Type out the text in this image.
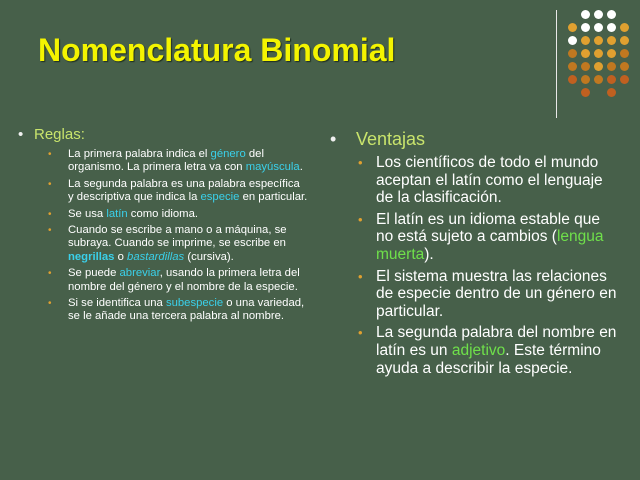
Nomenclatura Binomial
• Reglas:
• La primera palabra indica el género del organismo. La primera letra va con mayúscula.
• La segunda palabra es una palabra específica y descriptiva que indica la especie en particular.
• Se usa latín como idioma.
• Cuando se escribe a mano o a máquina, se subraya. Cuando se imprime, se escribe en negrillas o bastardillas (cursiva).
• Se puede abreviar, usando la primera letra del nombre del género y el nombre de la especie.
• Si se identifica una subespecie o una variedad, se le añade una tercera palabra al nombre.
• Ventajas
• Los científicos de todo el mundo aceptan el latín como el lenguaje de la clasificación.
• El latín es un idioma estable que no está sujeto a cambios (lengua muerta).
• El sistema muestra las relaciones de especie dentro de un género en particular.
• La segunda palabra del nombre en latín es un adjetivo. Este término ayuda a describir la especie.
